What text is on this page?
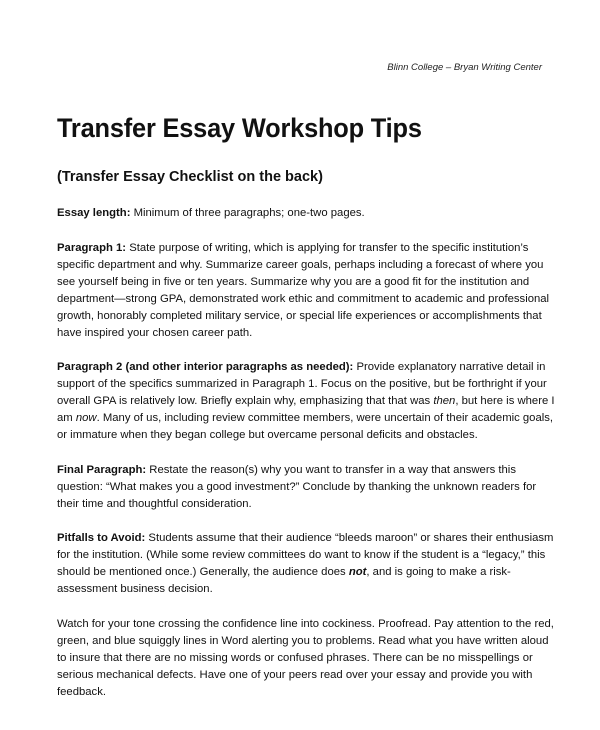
Blinn College – Bryan Writing Center
Transfer Essay Workshop Tips
(Transfer Essay Checklist on the back)

Essay length: Minimum of three paragraphs; one-two pages.

Paragraph 1: State purpose of writing, which is applying for transfer to the specific institution’s specific department and why. Summarize career goals, perhaps including a forecast of where you see yourself being in five or ten years. Summarize why you are a good fit for the institution and department—strong GPA, demonstrated work ethic and commitment to academic and professional growth, honorably completed military service, or special life experiences or accomplishments that have inspired your chosen career path.

Paragraph 2 (and other interior paragraphs as needed): Provide explanatory narrative detail in support of the specifics summarized in Paragraph 1. Focus on the positive, but be forthright if your overall GPA is relatively low. Briefly explain why, emphasizing that that was then, but here is where I am now. Many of us, including review committee members, were uncertain of their academic goals, or immature when they began college but overcame personal deficits and obstacles.

Final Paragraph: Restate the reason(s) why you want to transfer in a way that answers this question: “What makes you a good investment?” Conclude by thanking the unknown readers for their time and thoughtful consideration.

Pitfalls to Avoid: Students assume that their audience “bleeds maroon” or shares their enthusiasm for the institution. (While some review committees do want to know if the student is a “legacy,” this should be mentioned once.) Generally, the audience does not, and is going to make a risk-assessment business decision.

Watch for your tone crossing the confidence line into cockiness. Proofread. Pay attention to the red, green, and blue squiggly lines in Word alerting you to problems. Read what you have written aloud to insure that there are no missing words or confused phrases. There can be no misspellings or serious mechanical defects. Have one of your peers read over your essay and provide you with feedback.
